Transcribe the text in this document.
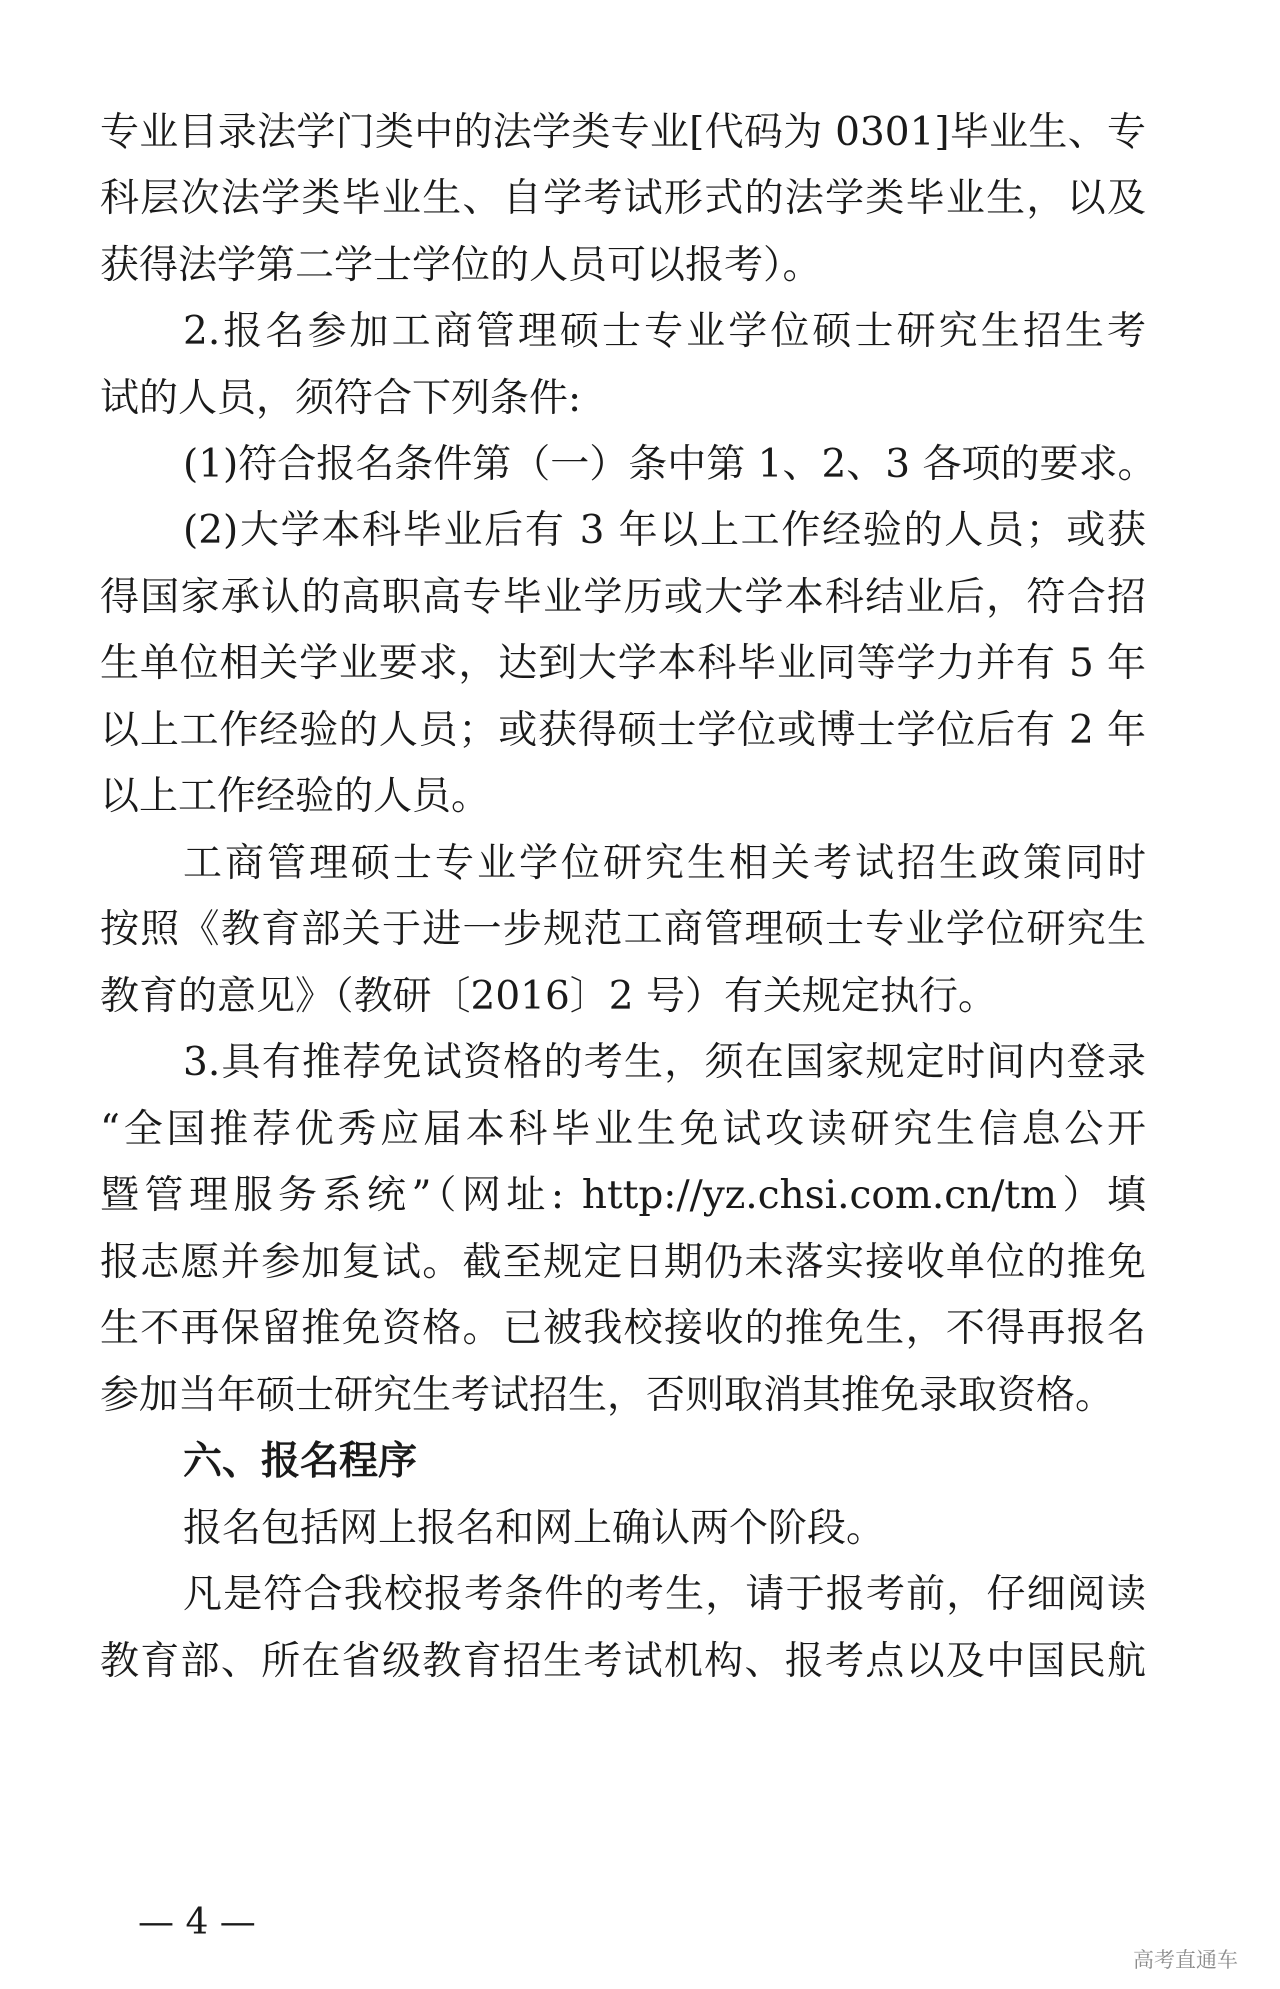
专业目录法学门类中的法学类专业[代码为 0301]毕业生、专
科层次法学类毕业生、自学考试形式的法学类毕业生，以及
获得法学第二学士学位的人员可以报考）。
2.报名参加工商管理硕士专业学位硕士研究生招生考
试的人员，须符合下列条件:
(1)符合报名条件第（一）条中第 1、2、3 各项的要求。
(2)大学本科毕业后有 3 年以上工作经验的人员；或获
得国家承认的高职高专毕业学历或大学本科结业后，符合招
生单位相关学业要求，达到大学本科毕业同等学力并有 5 年
以上工作经验的人员；或获得硕士学位或博士学位后有 2 年
以上工作经验的人员。
工商管理硕士专业学位研究生相关考试招生政策同时
按照《教育部关于进一步规范工商管理硕士专业学位研究生
教育的意见》（教研〔2016〕2 号）有关规定执行。
3.具有推荐免试资格的考生，须在国家规定时间内登录
“全国推荐优秀应届本科毕业生免试攻读研究生信息公开
暨管理服务系统”（网址: http://yz.chsi.com.cn/tm）填
报志愿并参加复试。截至规定日期仍未落实接收单位的推免
生不再保留推免资格。已被我校接收的推免生，不得再报名
参加当年硕士研究生考试招生，否则取消其推免录取资格。
六、报名程序
报名包括网上报名和网上确认两个阶段。
凡是符合我校报考条件的考生，请于报考前，仔细阅读
教育部、所在省级教育招生考试机构、报考点以及中国民航
— 4 —
高考直通车
